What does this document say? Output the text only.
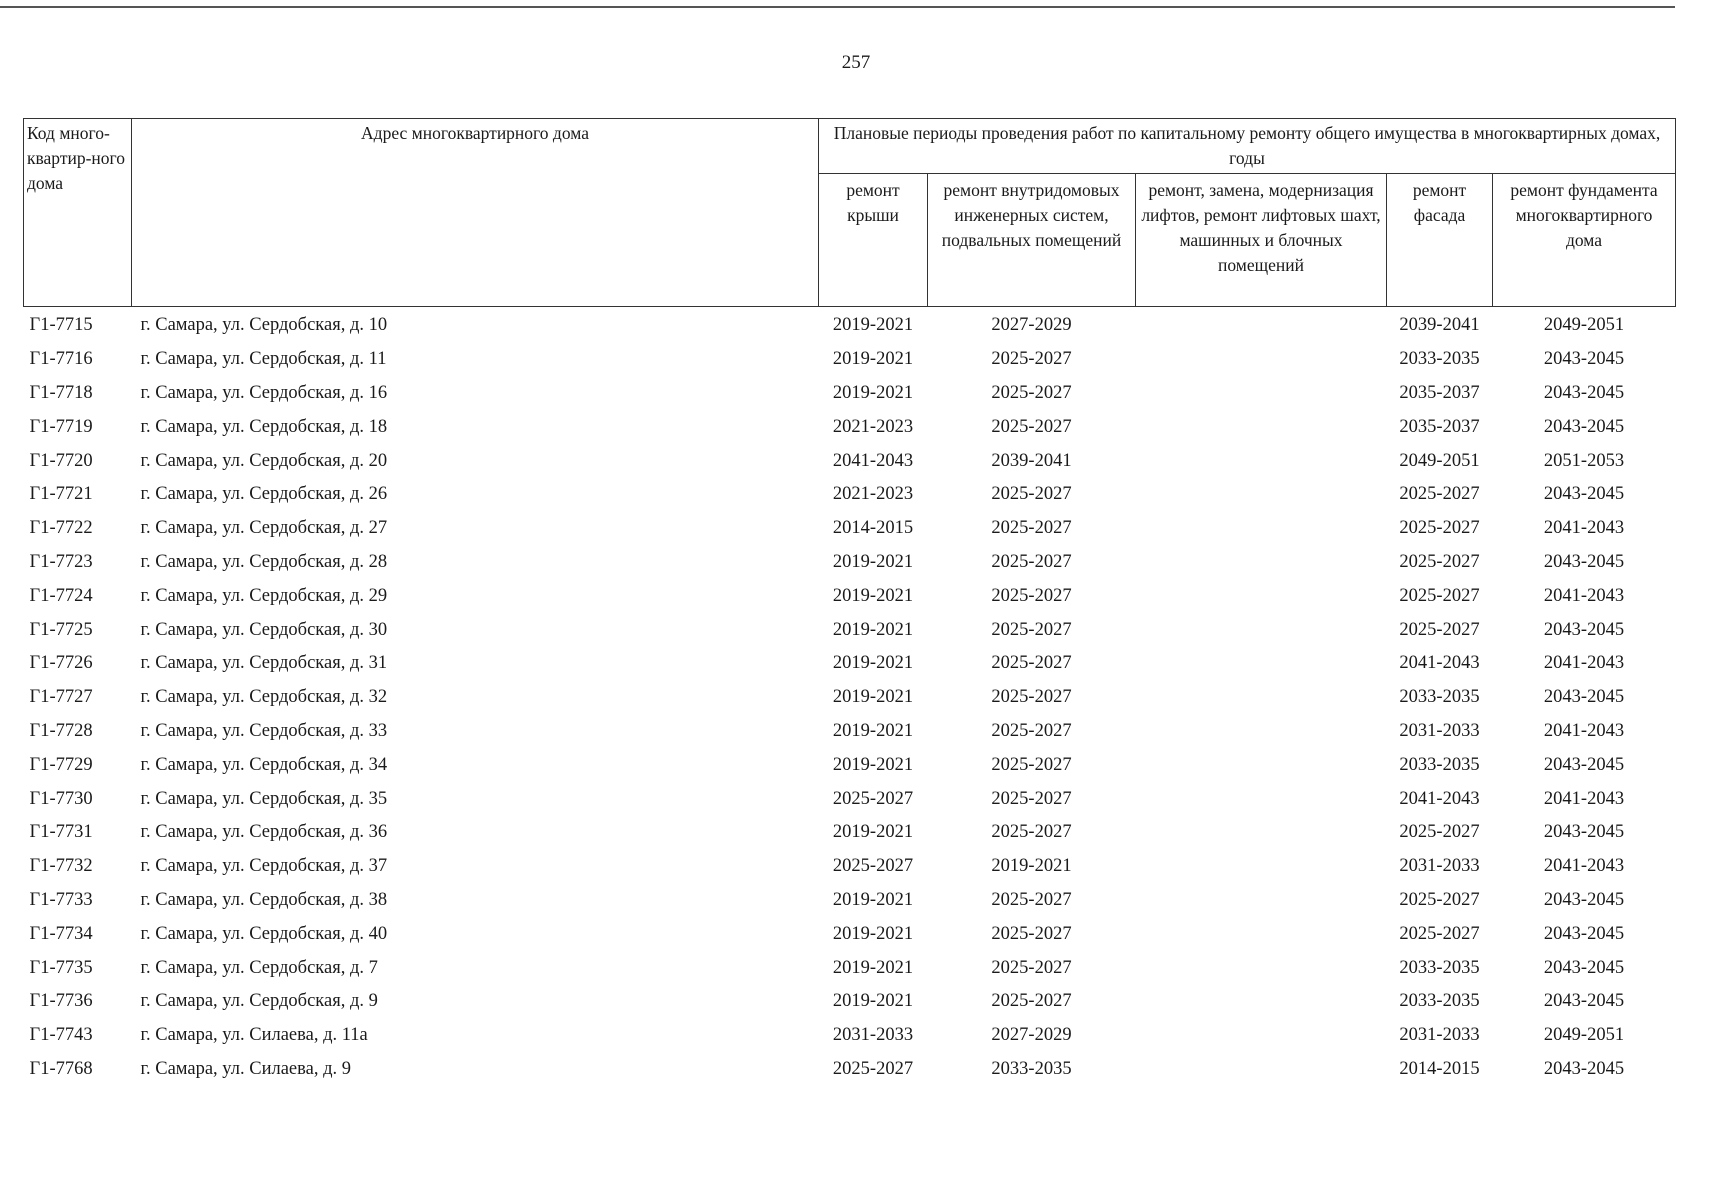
257
Код много-квартир-ного дома	Адрес многоквартирного дома	Плановые периоды проведения работ по капитальному ремонту общего имущества в многоквартирных домах, годы				
		ремонт крыши	ремонт внутридомовых инженерных систем, подвальных помещений	ремонт, замена, модернизация лифтов, ремонт лифтовых шахт, машинных и блочных помещений	ремонт фасада	ремонт фундамента многоквартирного дома
Г1-7715	г. Самара, ул. Сердобская, д. 10	2019-2021	2027-2029		2039-2041	2049-2051
Г1-7716	г. Самара, ул. Сердобская, д. 11	2019-2021	2025-2027		2033-2035	2043-2045
Г1-7718	г. Самара, ул. Сердобская, д. 16	2019-2021	2025-2027		2035-2037	2043-2045
Г1-7719	г. Самара, ул. Сердобская, д. 18	2021-2023	2025-2027		2035-2037	2043-2045
Г1-7720	г. Самара, ул. Сердобская, д. 20	2041-2043	2039-2041		2049-2051	2051-2053
Г1-7721	г. Самара, ул. Сердобская, д. 26	2021-2023	2025-2027		2025-2027	2043-2045
Г1-7722	г. Самара, ул. Сердобская, д. 27	2014-2015	2025-2027		2025-2027	2041-2043
Г1-7723	г. Самара, ул. Сердобская, д. 28	2019-2021	2025-2027		2025-2027	2043-2045
Г1-7724	г. Самара, ул. Сердобская, д. 29	2019-2021	2025-2027		2025-2027	2041-2043
Г1-7725	г. Самара, ул. Сердобская, д. 30	2019-2021	2025-2027		2025-2027	2043-2045
Г1-7726	г. Самара, ул. Сердобская, д. 31	2019-2021	2025-2027		2041-2043	2041-2043
Г1-7727	г. Самара, ул. Сердобская, д. 32	2019-2021	2025-2027		2033-2035	2043-2045
Г1-7728	г. Самара, ул. Сердобская, д. 33	2019-2021	2025-2027		2031-2033	2041-2043
Г1-7729	г. Самара, ул. Сердобская, д. 34	2019-2021	2025-2027		2033-2035	2043-2045
Г1-7730	г. Самара, ул. Сердобская, д. 35	2025-2027	2025-2027		2041-2043	2041-2043
Г1-7731	г. Самара, ул. Сердобская, д. 36	2019-2021	2025-2027		2025-2027	2043-2045
Г1-7732	г. Самара, ул. Сердобская, д. 37	2025-2027	2019-2021		2031-2033	2041-2043
Г1-7733	г. Самара, ул. Сердобская, д. 38	2019-2021	2025-2027		2025-2027	2043-2045
Г1-7734	г. Самара, ул. Сердобская, д. 40	2019-2021	2025-2027		2025-2027	2043-2045
Г1-7735	г. Самара, ул. Сердобская, д. 7	2019-2021	2025-2027		2033-2035	2043-2045
Г1-7736	г. Самара, ул. Сердобская, д. 9	2019-2021	2025-2027		2033-2035	2043-2045
Г1-7743	г. Самара, ул. Силаева, д. 11а	2031-2033	2027-2029		2031-2033	2049-2051
Г1-7768	г. Самара, ул. Силаева, д. 9	2025-2027	2033-2035		2014-2015	2043-2045
